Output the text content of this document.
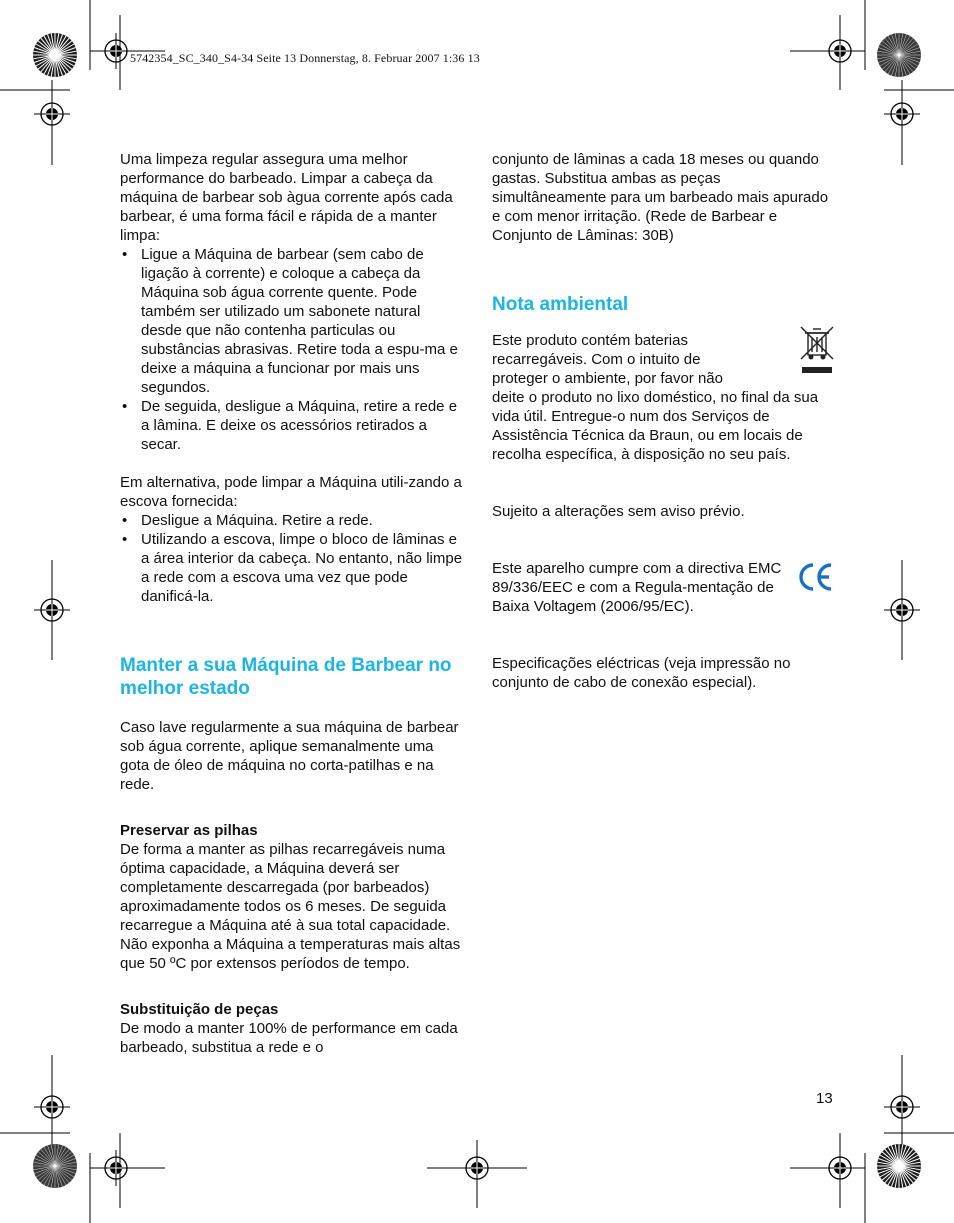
5742354_SC_340_S4-34 Seite 13 Donnerstag, 8. Februar 2007 1:36 13

Uma limpeza regular assegura uma melhor performance do barbeado. Limpar a cabeça da máquina de barbear sob àgua corrente após cada barbear, é uma forma fácil e rápida de a manter limpa:

• Ligue a Máquina de barbear (sem cabo de ligação à corrente) e coloque a cabeça da Máquina sob água corrente quente. Pode também ser utilizado um sabonete natural desde que não contenha particulas ou substâncias abrasivas. Retire toda a espu-ma e deixe a máquina a funcionar por mais uns segundos.
• De seguida, desligue a Máquina, retire a rede e a lâmina. E deixe os acessórios retirados a secar.

Em alternativa, pode limpar a Máquina utili-zando a escova fornecida:

• Desligue a Máquina. Retire a rede.
• Utilizando a escova, limpe o bloco de lâminas e a área interior da cabeça. No entanto, não limpe a rede com a escova uma vez que pode danificá-la.

Manter a sua Máquina de Barbear no melhor estado

Caso lave regularmente a sua máquina de barbear sob água corrente, aplique semanalmente uma gota de óleo de máquina no corta-patilhas e na rede.

Preservar as pilhas

De forma a manter as pilhas recarregáveis numa óptima capacidade, a Máquina deverá ser completamente descarregada (por barbeados) aproximadamente todos os 6 meses. De seguida recarregue a Máquina até à sua total capacidade. Não exponha a Máquina a temperaturas mais altas que 50 ºC por extensos períodos de tempo.

Substituição de peças

De modo a manter 100% de performance em cada barbeado, substitua a rede e o

conjunto de lâminas a cada 18 meses ou quando gastas. Substitua ambas as peças simultâneamente para um barbeado mais apurado e com menor irritação. (Rede de Barbear e Conjunto de Lâminas: 30B)

Nota ambiental

Este produto contém baterias

recarregáveis. Com o intuito de

proteger o ambiente, por favor não

deite o produto no lixo doméstico, no final da sua vida útil. Entregue-o num dos Serviços de Assistência Técnica da Braun, ou em locais de recolha específica, à disposição no seu país.

Sujeito a alterações sem aviso prévio.

Este aparelho cumpre com a directiva EMC 89/336/EEC e com a Regula-mentação de Baixa Voltagem (2006/95/EC).

Especificações eléctricas (veja impressão no conjunto de cabo de conexão especial).

13
